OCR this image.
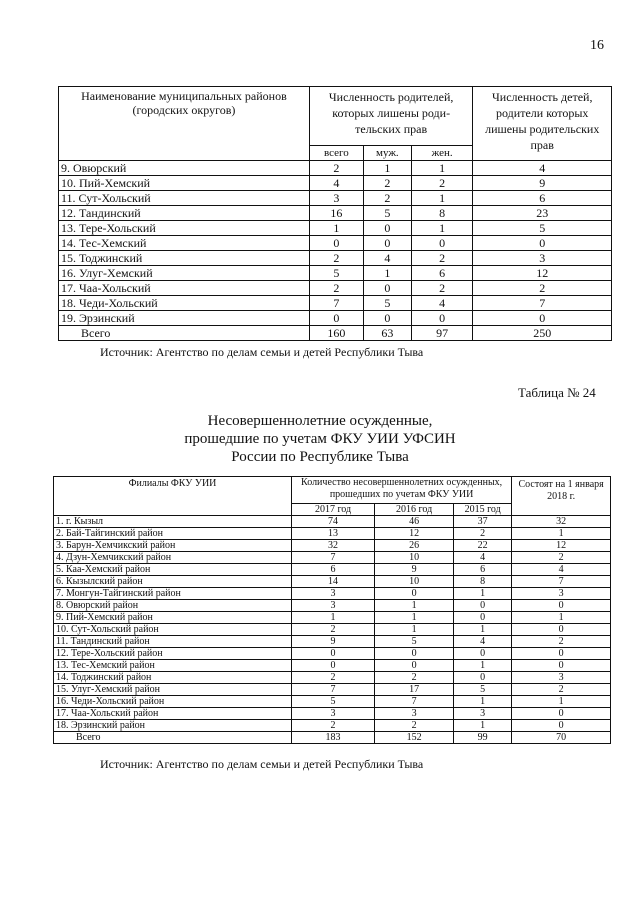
16
Наименование муниципальных районов (городских округов)	Численность родителей, которых лишены роди-тельских прав			Численность детей, родители которых лишены родительских прав
	всего	муж.	жен.	
9. Овюрский	2	1	1	4
10. Пий-Хемский	4	2	2	9
11. Сут-Хольский	3	2	1	6
12. Тандинский	16	5	8	23
13. Тере-Хольский	1	0	1	5
14. Тес-Хемский	0	0	0	0
15. Тоджинский	2	4	2	3
16. Улуг-Хемский	5	1	6	12
17. Чаа-Хольский	2	0	2	2
18. Чеди-Хольский	7	5	4	7
19. Эрзинский	0	0	0	0
Всего	160	63	97	250
Источник: Агентство по делам семьи и детей Республики Тыва
Таблица № 24
Несовершеннолетние осужденные,
прошедшие по учетам ФКУ УИИ УФСИН
России по Республике Тыва
Филиалы ФКУ УИИ	Количество несовершеннолетних осужденных, прошедших по учетам ФКУ УИИ			Состоят на 1 января 2018 г.
	2017 год	2016 год	2015 год	
1. г. Кызыл	74	46	37	32
2. Бай-Тайгинский район	13	12	2	1
3. Барун-Хемчикский район	32	26	22	12
4. Дзун-Хемчикский район	7	10	4	2
5. Каа-Хемский район	6	9	6	4
6. Кызылский район	14	10	8	7
7. Монгун-Тайгинский район	3	0	1	3
8. Овюрский район	3	1	0	0
9. Пий-Хемский район	1	1	0	1
10. Сут-Хольский район	2	1	1	0
11. Тандинский район	9	5	4	2
12. Тере-Хольский район	0	0	0	0
13. Тес-Хемский район	0	0	1	0
14. Тоджинский район	2	2	0	3
15. Улуг-Хемский район	7	17	5	2
16. Чеди-Хольский район	5	7	1	1
17. Чаа-Хольский район	3	3	3	0
18. Эрзинский район	2	2	1	0
Всего	183	152	99	70
Источник: Агентство по делам семьи и детей Республики Тыва
